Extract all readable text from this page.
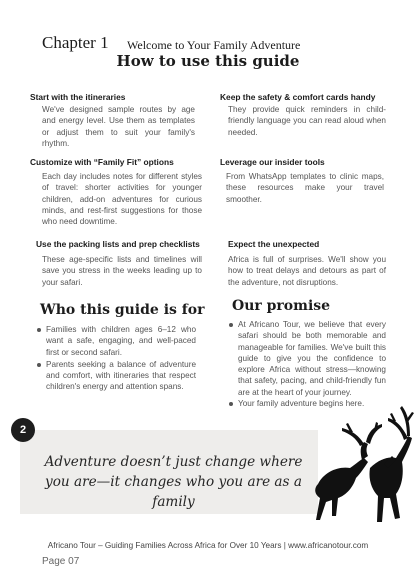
Chapter 1 Welcome to Your Family Adventure
How to use this guide
Start with the itineraries
We've designed sample routes by age and energy level. Use them as templates or adjust them to suit your family's rhythm.
Keep the safety & comfort cards handy
They provide quick reminders in child-friendly language you can read aloud when needed.
Customize with “Family Fit” options
Each day includes notes for different styles of travel: shorter activities for younger children, add-on adventures for curious minds, and rest-first suggestions for those who need downtime.
Leverage our insider tools
From WhatsApp templates to clinic maps, these resources make your travel smoother.
Use the packing lists and prep checklists
These age-specific lists and timelines will save you stress in the weeks leading up to your safari.
Expect the unexpected
Africa is full of surprises. We'll show you how to treat delays and detours as part of the adventure, not disruptions.
Who this guide is for
Families with children ages 6–12 who want a safe, engaging, and well-paced first or second safari.
Parents seeking a balance of adventure and comfort, with itineraries that respect children's energy and attention spans.
Our promise
At Africano Tour, we believe that every safari should be both memorable and manageable for families. We've built this guide to give you the confidence to explore Africa without stress—knowing that safety, pacing, and child-friendly fun are at the heart of your journey.
Your family adventure begins here.
2
Adventure doesn’t just change where you are—it changes who you are as a family
Africano Tour – Guiding Families Across Africa for Over 10 Years | www.africanotour.com
Page 07
